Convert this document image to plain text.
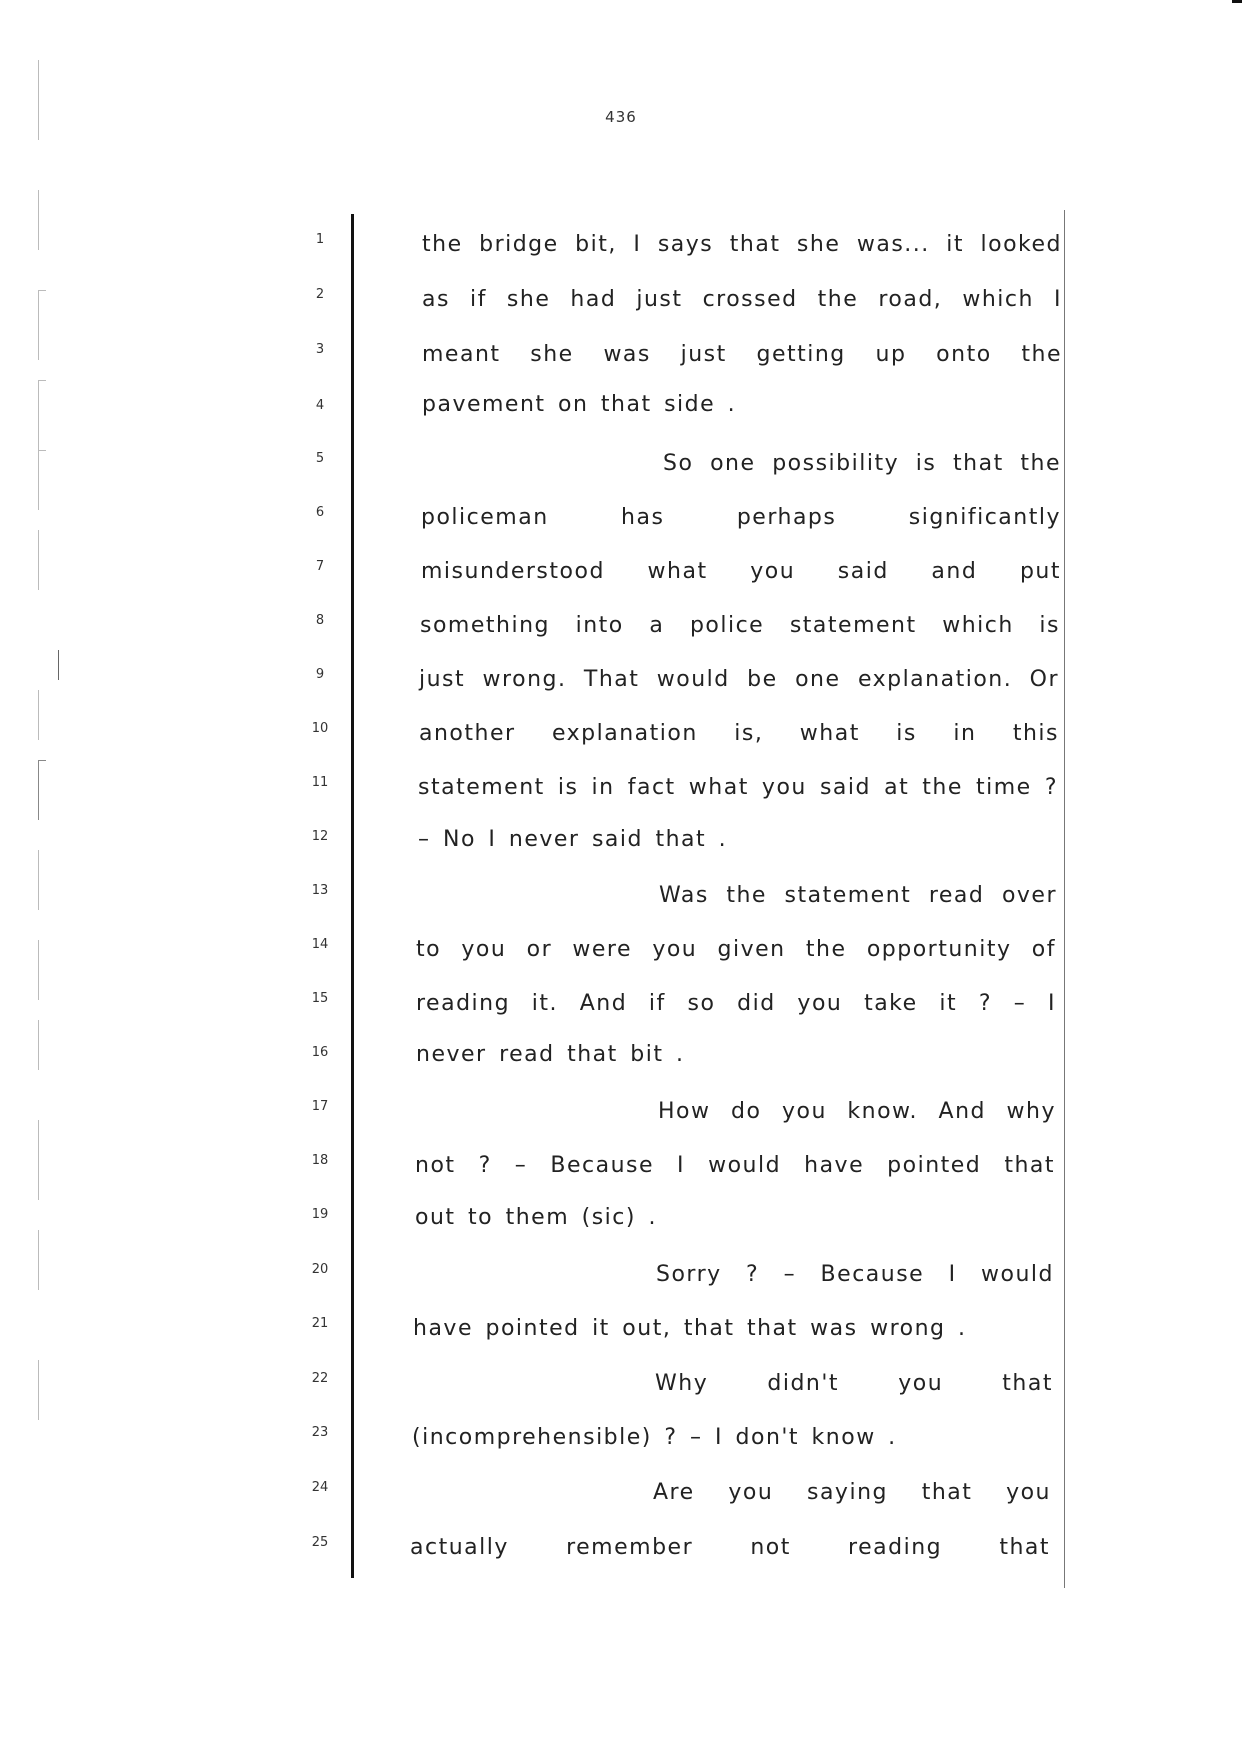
436
1
2
3
4
5
6
7
8
9
10
11
12
13
14
15
16
17
18
19
20
21
22
23
24
25
the bridge bit, I says that she was... it looked
as if she had just crossed the road, which I
meant she was just getting up onto the
pavement on that side .
So one possibility is that the
policeman has perhaps significantly
misunderstood what you said and put
something into a police statement which is
just wrong. That would be one explanation. Or
another explanation is, what is in this
statement is in fact what you said at the time ?
– No I never said that .
Was the statement read over
to you or were you given the opportunity of
reading it. And if so did you take it ? – I
never read that bit .
How do you know. And why
not ? – Because I would have pointed that
out to them (sic) .
Sorry ? – Because I would
have pointed it out, that that was wrong .
Why didn't you that
(incomprehensible) ? – I don't know .
Are you saying that you
actually remember not reading that
